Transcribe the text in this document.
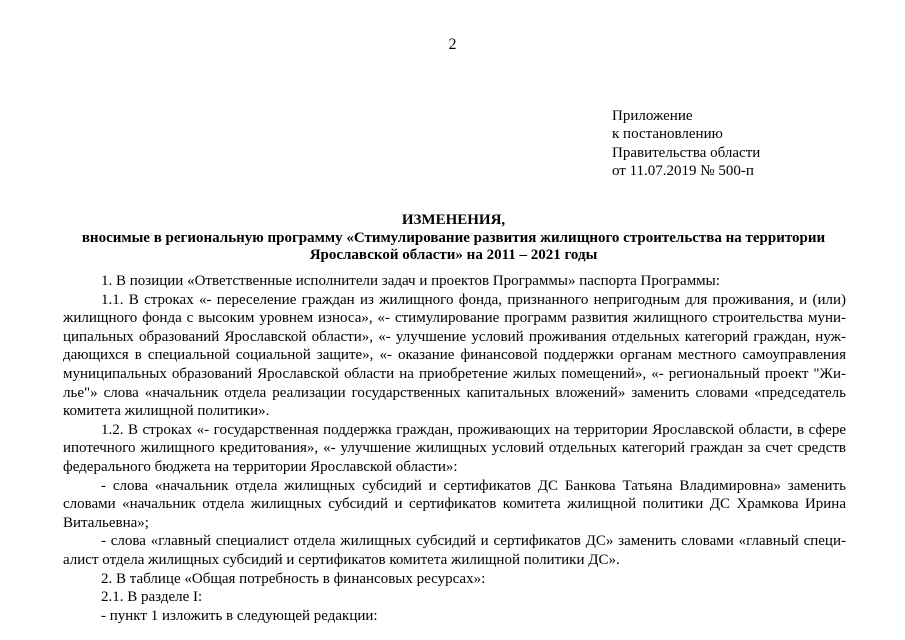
2
Приложение
к постановлению
Правительства области
от 11.07.2019 № 500-п
ИЗМЕНЕНИЯ,
вносимые в региональную программу «Стимулирование развития жилищного строительства на территории
Ярославской области» на 2011 – 2021 годы

1. В позиции «Ответственные исполнители задач и проектов Программы» паспорта Программы:

1.1. В строках «- переселение граждан из жилищного фонда, признанного непригодным для проживания, и (или) жилищного фонда с высоким уровнем износа», «- стимулирование программ развития жилищного строительства муни-ципальных образований Ярославской области», «- улучшение условий проживания отдельных категорий граждан, нуж-дающихся в специальной социальной защите», «- оказание финансовой поддержки органам местного самоуправления муниципальных образований Ярославской области на приобретение жилых помещений», «- региональный проект "Жи-лье"» слова «начальник отдела реализации государственных капитальных вложений» заменить словами «председатель комитета жилищной политики».

1.2. В строках «- государственная поддержка граждан, проживающих на территории Ярославской области, в сфере ипотечного жилищного кредитования», «- улучшение жилищных условий отдельных категорий граждан за счет средств федерального бюджета на территории Ярославской области»:

- слова «начальник отдела жилищных субсидий и сертификатов ДС Банкова Татьяна Владимировна» заменить словами «начальник отдела жилищных субсидий и сертификатов комитета жилищной политики ДС Храмкова Ирина Витальевна»;

- слова «главный специалист отдела жилищных субсидий и сертификатов ДС» заменить словами «главный специ-алист отдела жилищных субсидий и сертификатов комитета жилищной политики ДС».

2. В таблице «Общая потребность в финансовых ресурсах»:

2.1. В разделе I:

- пункт 1 изложить в следующей редакции:
